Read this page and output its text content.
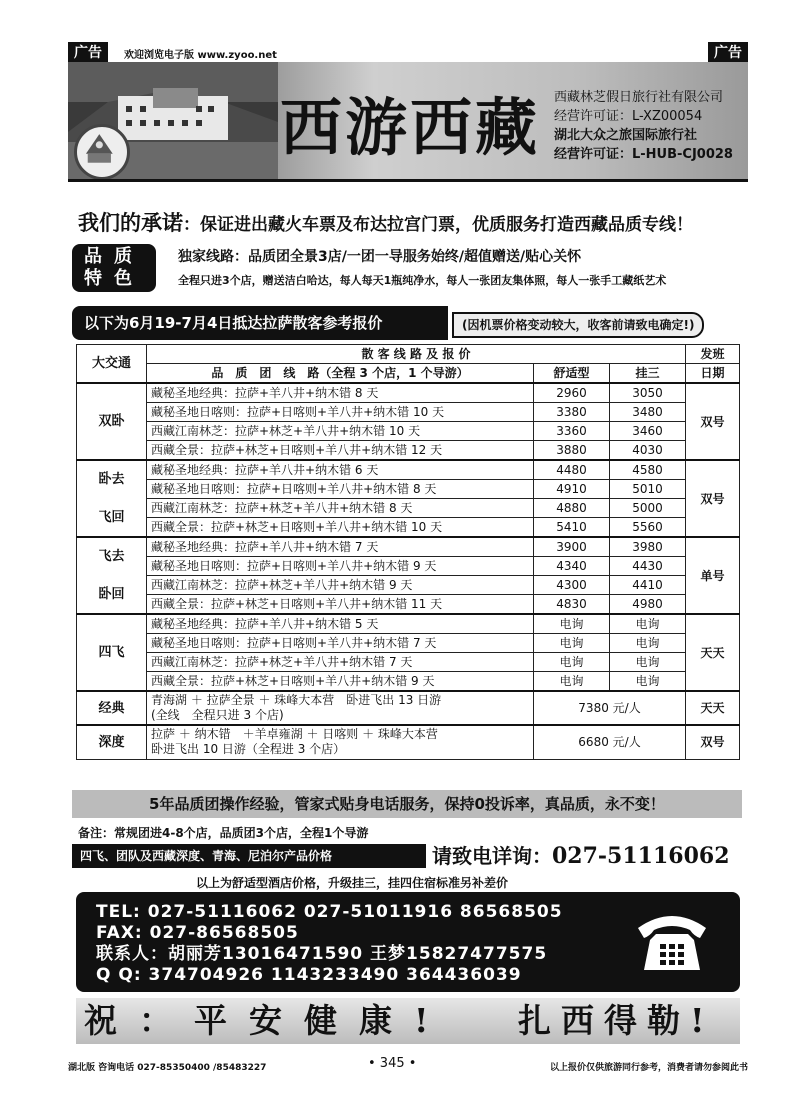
广告	欢迎浏览电子版 www.zyoo.net	广告
西游西藏 西藏林芝假日旅行社有限公司
经营许可证：L-XZ00054
湖北大众之旅国际旅行社
经营许可证：L-HUB-CJ0028
我们的承诺：保证进出藏火车票及布达拉宫门票，优质服务打造西藏品质专线！
品质特色
独家线路：品质团全景3店/一团一导服务始终/超值赠送/贴心关怀
全程只进3个店，赠送洁白哈达，每人每天1瓶纯净水，每人一张团友集体照，每人一张手工藏纸艺术
以下为6月19-7月4日抵达拉萨散客参考报价	(因机票价格变动较大，收客前请致电确定!)
大交通	散 客 线 路 及 报 价			发班
	品　质　团　线　路（全程 3 个店，1 个导游）	舒适型	挂三	日期
双卧	藏秘圣地经典：拉萨+羊八井+纳木错 8 天	2960	3050	双号
	藏秘圣地日喀则：拉萨+日喀则+羊八井+纳木错 10 天	3380	3480	
	西藏江南林芝：拉萨+林芝+羊八井+纳木错 10 天	3360	3460	
	西藏全景：拉萨+林芝+日喀则+羊八井+纳木错 12 天	3880	4030	

卧去
飞回	藏秘圣地经典：拉萨+羊八井+纳木错 6 天	4480	4580	双号
	藏秘圣地日喀则：拉萨+日喀则+羊八井+纳木错 8 天	4910	5010	
	西藏江南林芝：拉萨+林芝+羊八井+纳木错 8 天	4880	5000	
	西藏全景：拉萨+林芝+日喀则+羊八井+纳木错 10 天	5410	5560	

飞去
卧回	藏秘圣地经典：拉萨+羊八井+纳木错 7 天	3900	3980	单号
	藏秘圣地日喀则：拉萨+日喀则+羊八井+纳木错 9 天	4340	4430	
	西藏江南林芝：拉萨+林芝+羊八井+纳木错 9 天	4300	4410	
	西藏全景：拉萨+林芝+日喀则+羊八井+纳木错 11 天	4830	4980	
四飞	藏秘圣地经典：拉萨+羊八井+纳木错 5 天	电询	电询	天天
	藏秘圣地日喀则：拉萨+日喀则+羊八井+纳木错 7 天	电询	电询	
	西藏江南林芝：拉萨+林芝+羊八井+纳木错 7 天	电询	电询	
	西藏全景：拉萨+林芝+日喀则+羊八井+纳木错 9 天	电询	电询	
经典	青海湖 ＋ 拉萨全景 ＋ 珠峰大本营　卧进飞出 13 日游
(全线　全程只进 3 个店)	7380 元/人		天天
深度	拉萨 ＋ 纳木错　＋羊卓雍湖 ＋ 日喀则 ＋ 珠峰大本营
卧进飞出 10 日游（全程进 3 个店）	6680 元/人		双号
5年品质团操作经验，管家式贴身电话服务，保持0投诉率，真品质，永不变！
备注：常规团进4-8个店，品质团3个店，全程1个导游
四飞、团队及西藏深度、青海、尼泊尔产品价格	请致电详询：027-51116062
以上为舒适型酒店价格，升级挂三，挂四住宿标准另补差价
TEL: 027-51116062 027-51011916 86568505
FAX: 027-86568505
联系人：胡丽芳13016471590 王梦15827477575
Q Q: 374704926 1143233490 364436039
祝：平安健康! 扎西得勒!
湖北版 咨询电话 027-85350400 /85483227	• 345 •	以上报价仅供旅游同行参考，消费者请勿参阅此书
